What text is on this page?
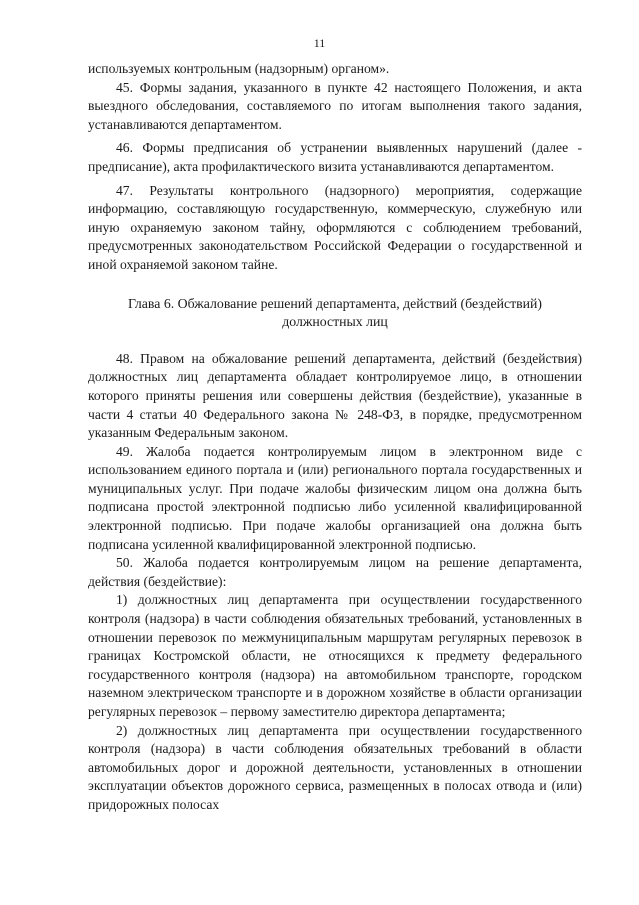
11

используемых контрольным (надзорным) органом».

45. Формы задания, указанного в пункте 42 настоящего Положения, и акта выездного обследования, составляемого по итогам выполнения такого задания, устанавливаются департаментом.

46. Формы предписания об устранении выявленных нарушений (далее - предписание), акта профилактического визита устанавливаются департаментом.

47. Результаты контрольного (надзорного) мероприятия, содержащие информацию, составляющую государственную, коммерческую, служебную или иную охраняемую законом тайну, оформляются с соблюдением требований, предусмотренных законодательством Российской Федерации о государственной и иной охраняемой законом тайне.

Глава 6. Обжалование решений департамента, действий (бездействий) должностных лиц

48. Правом на обжалование решений департамента, действий (бездействия) должностных лиц департамента обладает контролируемое лицо, в отношении которого приняты решения или совершены действия (бездействие), указанные в части 4 статьи 40 Федерального закона № 248-ФЗ, в порядке, предусмотренном указанным Федеральным законом.

49. Жалоба подается контролируемым лицом в электронном виде с использованием единого портала и (или) регионального портала государственных и муниципальных услуг. При подаче жалобы физическим лицом она должна быть подписана простой электронной подписью либо усиленной квалифицированной электронной подписью. При подаче жалобы организацией она должна быть подписана усиленной квалифицированной электронной подписью.

50. Жалоба подается контролируемым лицом на решение департамента, действия (бездействие):

1) должностных лиц департамента при осуществлении государственного контроля (надзора) в части соблюдения обязательных требований, установленных в отношении перевозок по межмуниципальным маршрутам регулярных перевозок в границах Костромской области, не относящихся к предмету федерального государственного контроля (надзора) на автомобильном транспорте, городском наземном электрическом транспорте и в дорожном хозяйстве в области организации регулярных перевозок – первому заместителю директора департамента;

2) должностных лиц департамента при осуществлении государственного контроля (надзора) в части соблюдения обязательных требований в области автомобильных дорог и дорожной деятельности, установленных в отношении эксплуатации объектов дорожного сервиса, размещенных в полосах отвода и (или) придорожных полосах
